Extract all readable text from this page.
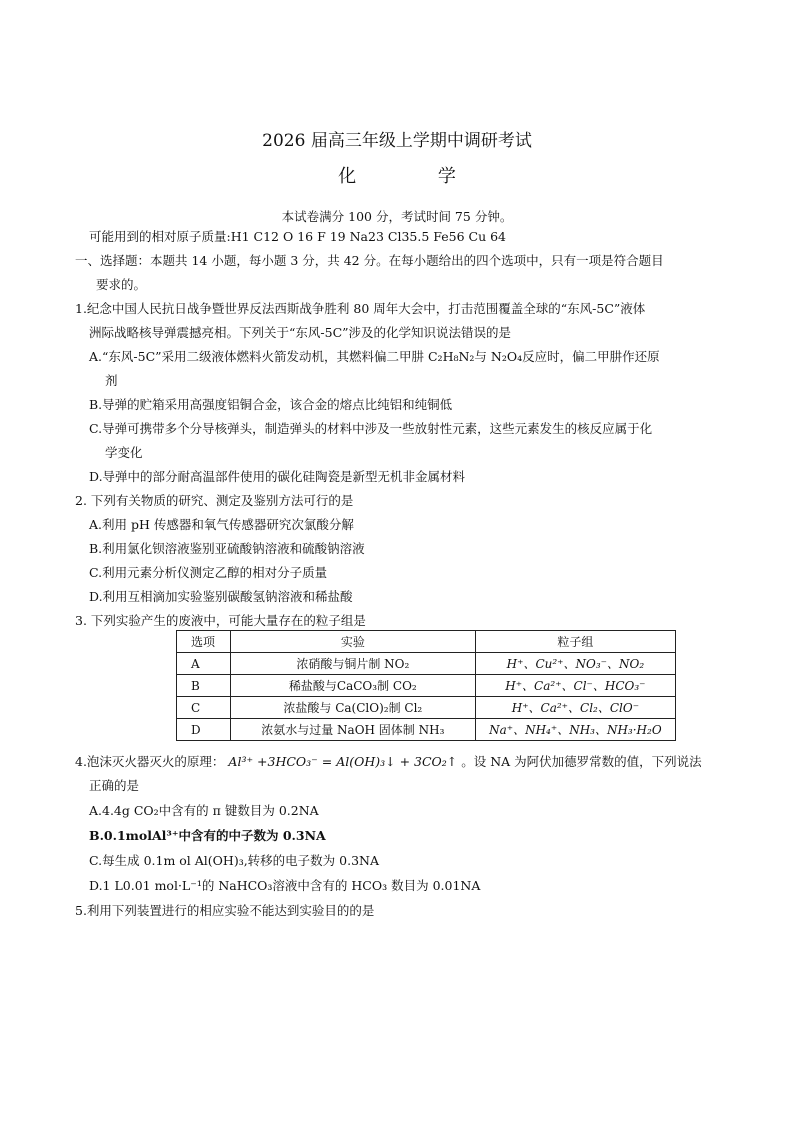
2026 届高三年级上学期中调研考试
化 学
本试卷满分 100 分，考试时间 75 分钟。
可能用到的相对原子质量:H1 C12 O 16 F 19 Na23 Cl35.5 Fe56 Cu 64
一、选择题：本题共 14 小题，每小题 3 分，共 42 分。在每小题给出的四个选项中，只有一项是符合题目
要求的。
1.纪念中国人民抗日战争暨世界反法西斯战争胜利 80 周年大会中，打击范围覆盖全球的“东风-5C”液体
洲际战略核导弹震撼亮相。下列关于“东风-5C”涉及的化学知识说法错误的是
A.“东风-5C”采用二级液体燃料火箭发动机，其燃料偏二甲肼 C₂H₈N₂与 N₂O₄反应时，偏二甲肼作还原
剂
B.导弹的贮箱采用高强度铝铜合金，该合金的熔点比纯铝和纯铜低
C.导弹可携带多个分导核弹头，制造弹头的材料中涉及一些放射性元素，这些元素发生的核反应属于化
学变化
D.导弹中的部分耐高温部件使用的碳化硅陶瓷是新型无机非金属材料
2. 下列有关物质的研究、测定及鉴别方法可行的是
A.利用 pH 传感器和氧气传感器研究次氯酸分解
B.利用氯化钡溶液鉴别亚硫酸钠溶液和硫酸钠溶液
C.利用元素分析仪测定乙醇的相对分子质量
D.利用互相滴加实验鉴别碳酸氢钠溶液和稀盐酸
3. 下列实验产生的废液中，可能大量存在的粒子组是
选项	实验	粒子组
A	浓硝酸与铜片制 NO₂	H⁺、Cu²⁺、NO₃⁻、NO₂
B	稀盐酸与CaCO₃制 CO₂	H⁺、Ca²⁺、Cl⁻、HCO₃⁻
C	浓盐酸与 Ca(ClO)₂制 Cl₂	H⁺、Ca²⁺、Cl₂、ClO⁻
D	浓氨水与过量 NaOH 固体制 NH₃	Na⁺、NH₄⁺、NH₃、NH₃·H₂O
4.泡沫灭火器灭火的原理： Al³⁺ +3HCO₃⁻ = Al(OH)₃↓ + 3CO₂↑ 。设 NA 为阿伏加德罗常数的值，下列说法
正确的是
A.4.4g CO₂中含有的 π 键数目为 0.2NA
B.0.1molAl³⁺中含有的中子数为 0.3NA
C.每生成 0.1m ol Al(OH)₃,转移的电子数为 0.3NA
D.1 L0.01 mol·L⁻¹的 NaHCO₃溶液中含有的 HCO₃ 数目为 0.01NA
5.利用下列装置进行的相应实验不能达到实验目的的是
